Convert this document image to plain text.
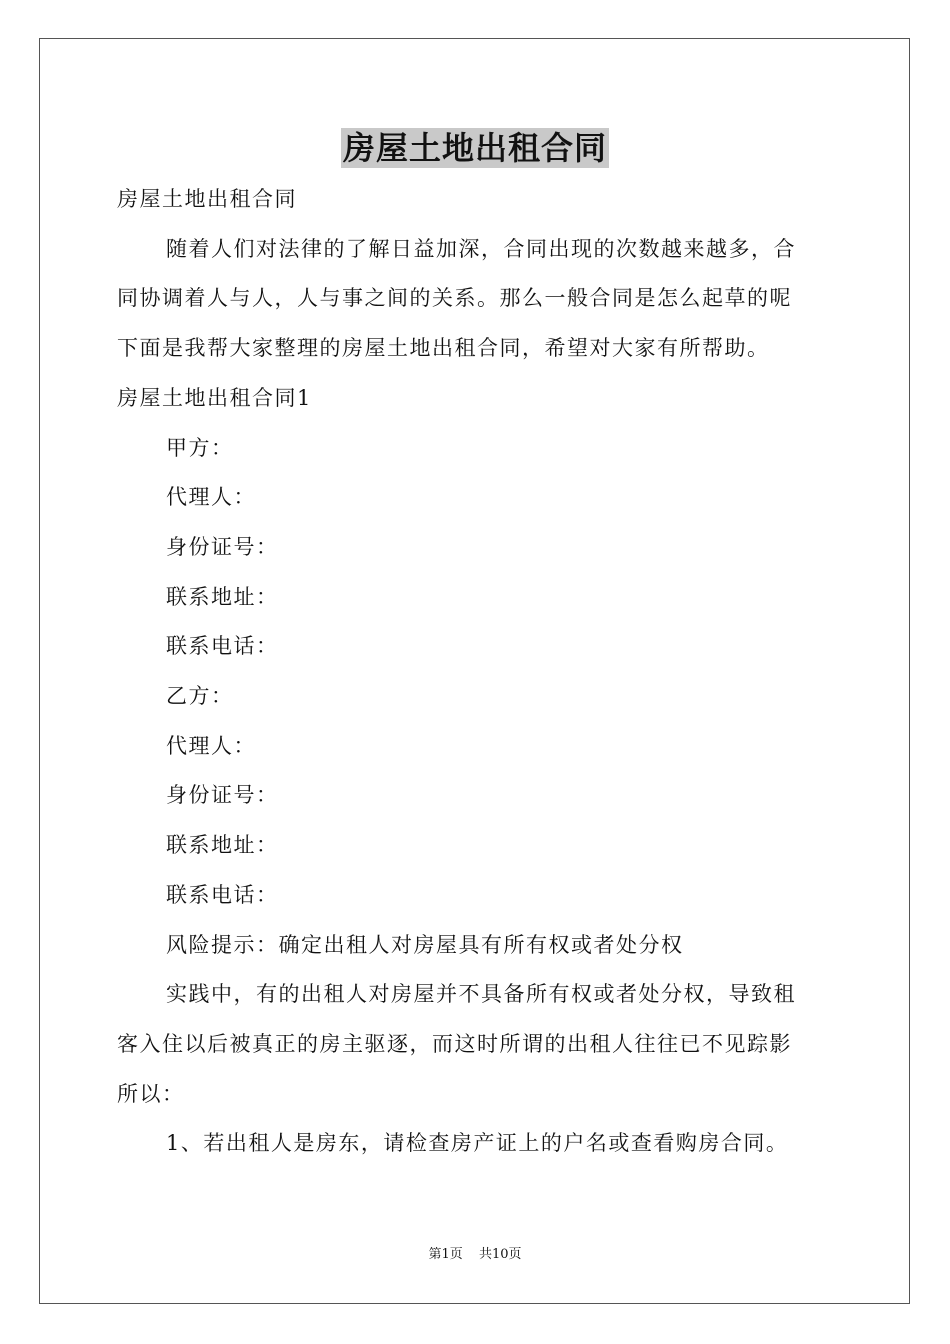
房屋土地出租合同
房屋土地出租合同
随着人们对法律的了解日益加深，合同出现的次数越来越多，合
同协调着人与人，人与事之间的关系。那么一般合同是怎么起草的呢
下面是我帮大家整理的房屋土地出租合同，希望对大家有所帮助。
房屋土地出租合同1
甲方：
代理人：
身份证号：
联系地址：
联系电话：
乙方：
代理人：
身份证号：
联系地址：
联系电话：
风险提示：确定出租人对房屋具有所有权或者处分权
实践中，有的出租人对房屋并不具备所有权或者处分权，导致租
客入住以后被真正的房主驱逐，而这时所谓的出租人往往已不见踪影
所以：
1、若出租人是房东，请检查房产证上的户名或查看购房合同。
第1页 共10页
